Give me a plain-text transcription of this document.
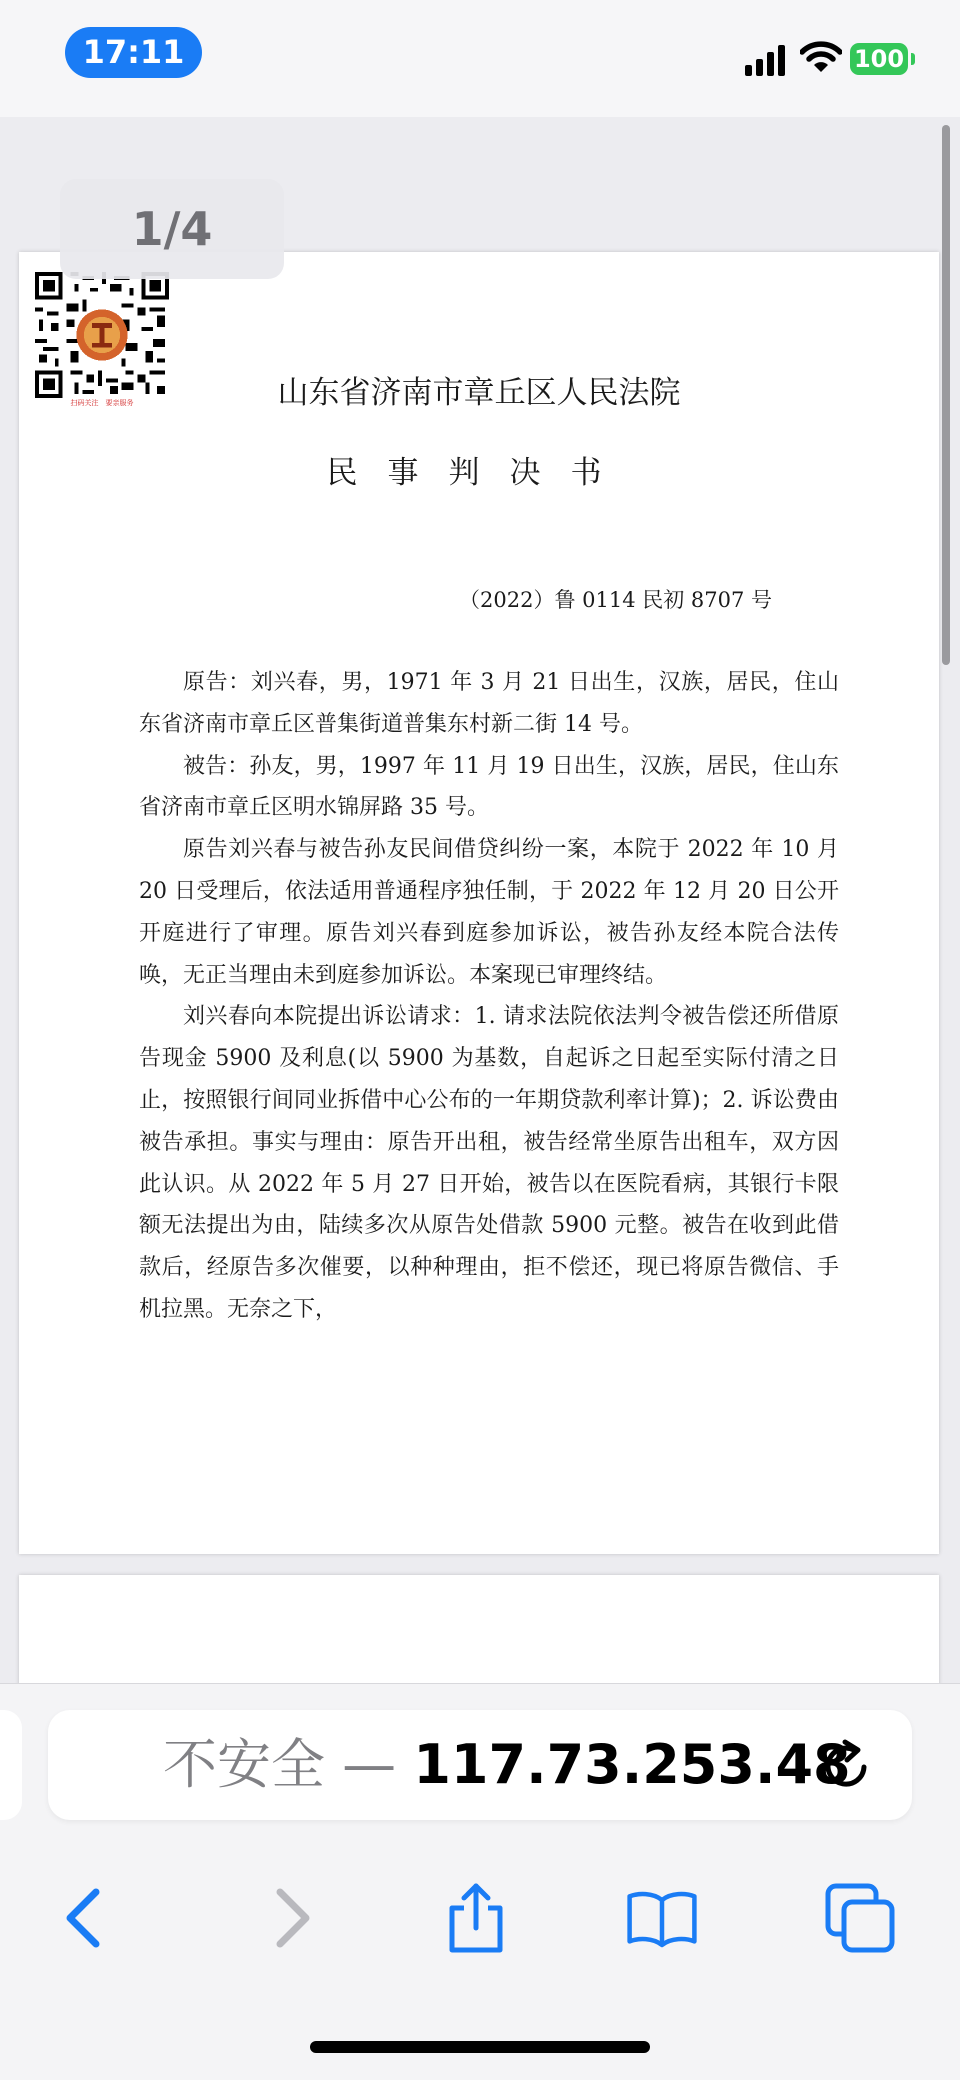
17:11	100
扫码关注　要亲服务	山东省济南市章丘区人民法院
民事判决书
（2022）鲁 0114 民初 8707 号

原告：刘兴春，男，1971 年 3 月 21 日出生，汉族，居民，住山东省济南市章丘区普集街道普集东村新二街 14 号。

被告：孙友，男，1997 年 11 月 19 日出生，汉族，居民，住山东省济南市章丘区明水锦屏路 35 号。

原告刘兴春与被告孙友民间借贷纠纷一案，本院于 2022 年 10 月 20 日受理后，依法适用普通程序独任制，于 2022 年 12 月 20 日公开开庭进行了审理。原告刘兴春到庭参加诉讼，被告孙友经本院合法传唤，无正当理由未到庭参加诉讼。本案现已审理终结。

刘兴春向本院提出诉讼请求：1. 请求法院依法判令被告偿还所借原告现金 5900 及利息(以 5900 为基数，自起诉之日起至实际付清之日止，按照银行间同业拆借中心公布的一年期贷款利率计算)；2. 诉讼费由被告承担。事实与理由：原告开出租，被告经常坐原告出租车，双方因此认识。从 2022 年 5 月 27 日开始，被告以在医院看病，其银行卡限额无法提出为由，陆续多次从原告处借款 5900 元整。被告在收到此借款后，经原告多次催要，以种种理由，拒不偿还，现已将原告微信、手机拉黑。无奈之下，

1/4
不安全 — 117.73.253.48
